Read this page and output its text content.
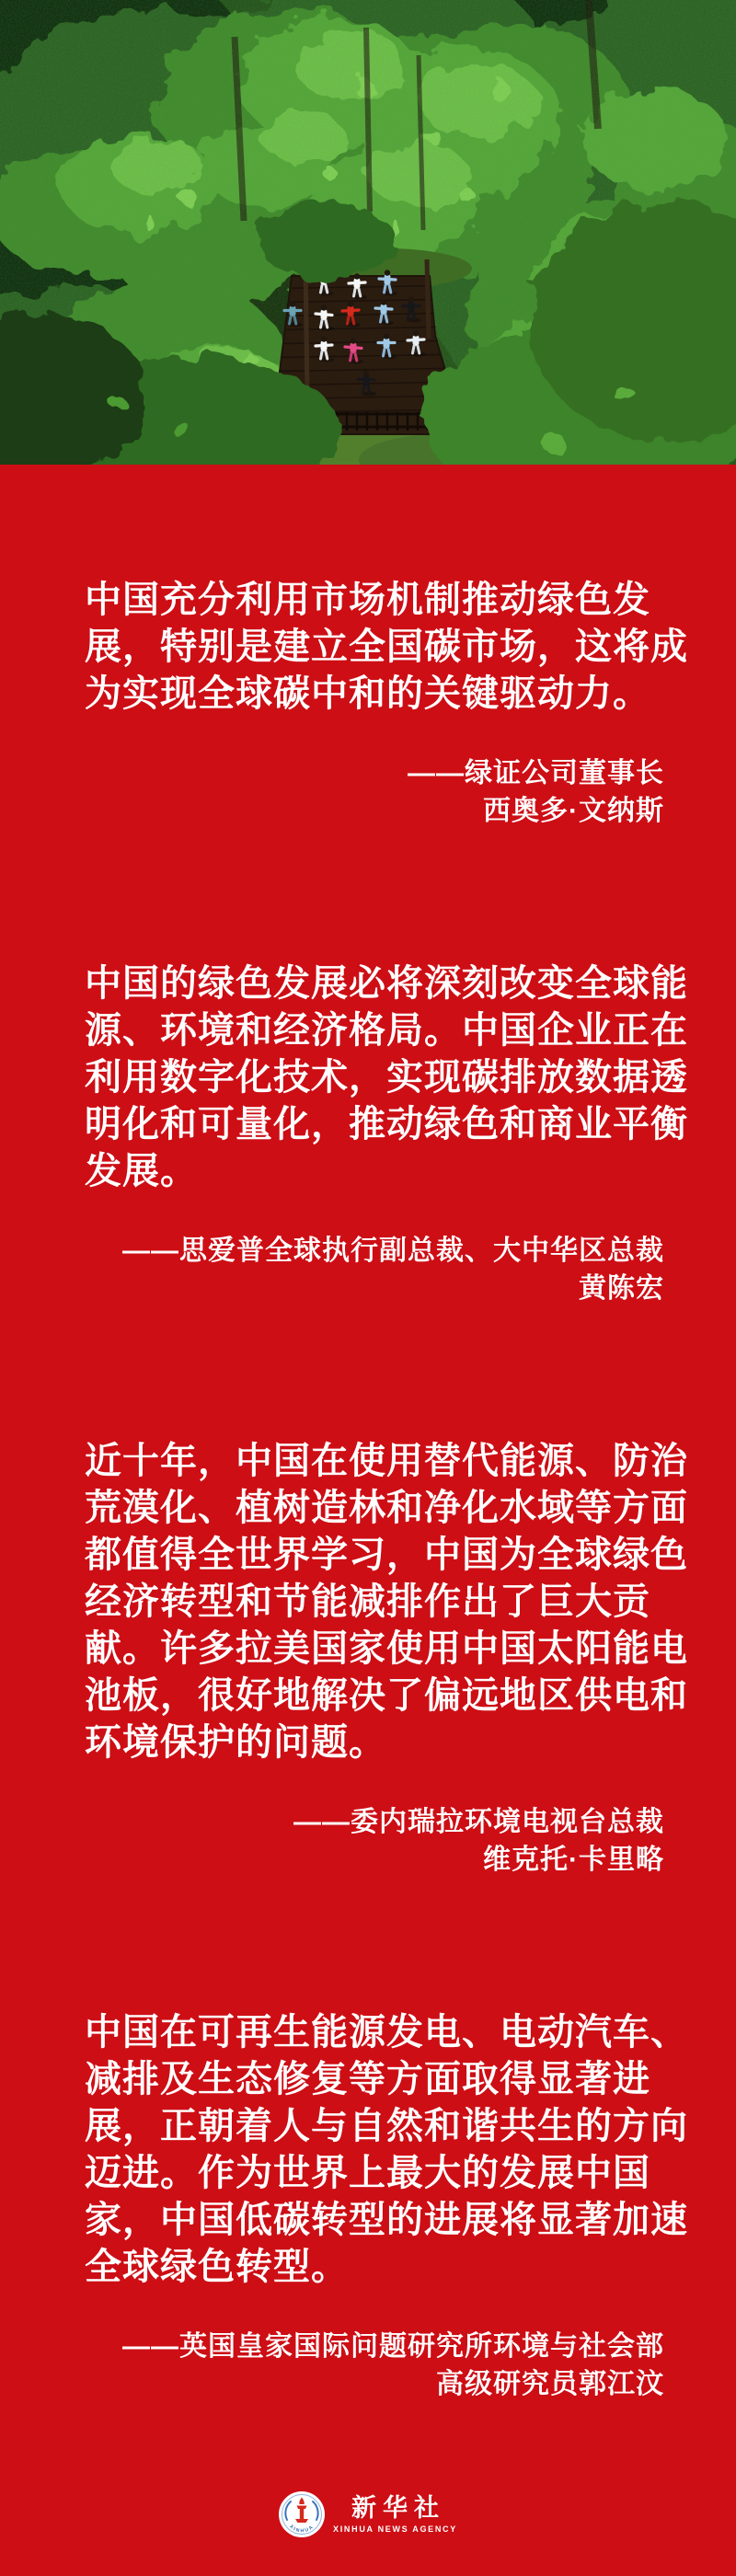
中国充分利用市场机制推动绿色发
展，特别是建立全国碳市场，这将成
为实现全球碳中和的关键驱动力。
——绿证公司董事长
西奥多·文纳斯
中国的绿色发展必将深刻改变全球能
源、环境和经济格局。中国企业正在
利用数字化技术，实现碳排放数据透
明化和可量化，推动绿色和商业平衡
发展。
——思爱普全球执行副总裁、大中华区总裁
黄陈宏
近十年，中国在使用替代能源、防治
荒漠化、植树造林和净化水域等方面
都值得全世界学习，中国为全球绿色
经济转型和节能减排作出了巨大贡
献。许多拉美国家使用中国太阳能电
池板，很好地解决了偏远地区供电和
环境保护的问题。
——委内瑞拉环境电视台总裁
维克托·卡里略
中国在可再生能源发电、电动汽车、
减排及生态修复等方面取得显著进
展，正朝着人与自然和谐共生的方向
迈进。作为世界上最大的发展中国
家，中国低碳转型的进展将显著加速
全球绿色转型。
——英国皇家国际问题研究所环境与社会部
高级研究员郭江汶
XINHUA
新华社
XINHUA NEWS AGENCY
